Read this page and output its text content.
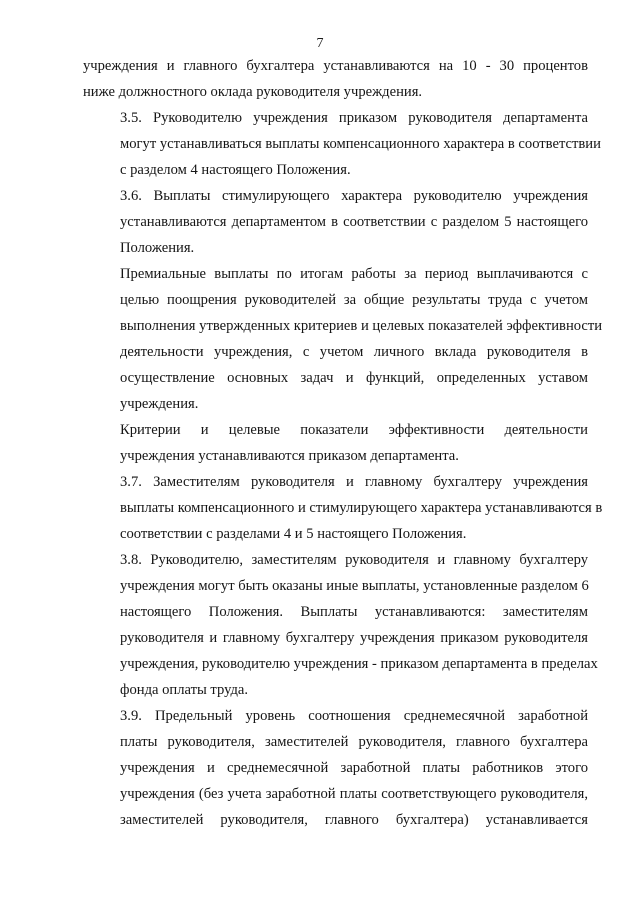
7
учреждения и главного бухгалтера устанавливаются на 10 - 30 процентов
ниже должностного оклада руководителя учреждения.
3.5. Руководителю учреждения приказом руководителя департамента
могут устанавливаться выплаты компенсационного характера в соответствии
с разделом 4 настоящего Положения.
3.6. Выплаты стимулирующего характера руководителю учреждения
устанавливаются департаментом в соответствии с разделом 5 настоящего
Положения.
Премиальные выплаты по итогам работы за период выплачиваются с
целью поощрения руководителей за общие результаты труда с учетом
выполнения утвержденных критериев и целевых показателей эффективности
деятельности учреждения, с учетом личного вклада руководителя в
осуществление основных задач и функций, определенных уставом
учреждения.
Критерии и целевые показатели эффективности деятельности
учреждения устанавливаются приказом департамента.
3.7. Заместителям руководителя и главному бухгалтеру учреждения
выплаты компенсационного и стимулирующего характера устанавливаются в
соответствии с разделами 4 и 5 настоящего Положения.
3.8. Руководителю, заместителям руководителя и главному бухгалтеру
учреждения могут быть оказаны иные выплаты, установленные разделом 6
настоящего Положения. Выплаты устанавливаются: заместителям
руководителя и главному бухгалтеру учреждения приказом руководителя
учреждения, руководителю учреждения - приказом департамента в пределах
фонда оплаты труда.
3.9. Предельный уровень соотношения среднемесячной заработной
платы руководителя, заместителей руководителя, главного бухгалтера
учреждения и среднемесячной заработной платы работников этого
учреждения (без учета заработной платы соответствующего руководителя,
заместителей руководителя, главного бухгалтера) устанавливается
